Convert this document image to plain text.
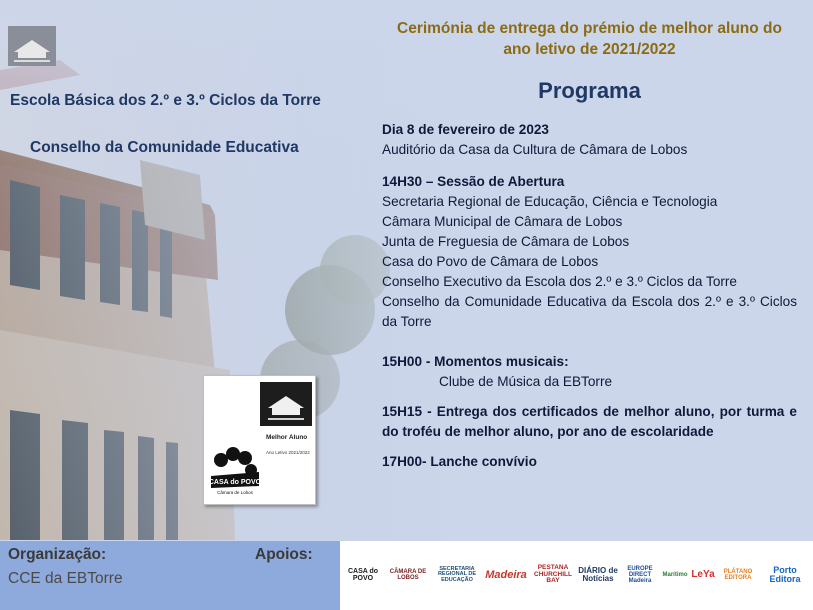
Escola Básica dos 2.º e 3.º Ciclos da Torre
Conselho da Comunidade Educativa
Cerimónia de entrega do prémio de melhor aluno do ano letivo de 2021/2022
Programa

Dia 8 de fevereiro de 2023

Auditório da Casa da Cultura de Câmara de Lobos

14H30 – Sessão de Abertura

Secretaria Regional de Educação, Ciência e Tecnologia

Câmara Municipal de Câmara de Lobos

Junta de Freguesia de Câmara de Lobos

Casa do Povo de Câmara de Lobos

Conselho Executivo da Escola dos 2.º e 3.º Ciclos da Torre

Conselho da Comunidade Educativa da Escola dos 2.º e 3.º Ciclos da Torre

15H00 - Momentos musicais:

Clube de Música da EBTorre

15H15 - Entrega dos certificados de melhor aluno, por turma e do troféu de melhor aluno, por ano de escolaridade

17H00- Lanche convívio

Melhor Aluno
Ano Letivo 2021/2022
CASA do POVO
Câmara de Lobos
Organização:
CCE da EBTorre
Apoios:
CASA do POVO
CÂMARA DE LOBOS
SECRETARIA REGIONAL DE EDUCAÇÃO	Madeira
PESTANA CHURCHILL BAY
DIÁRIO de Notícias
EUROPE DIRECT Madeira
Marítimo LeYa	PLÁTANO EDITORA
Porto Editora
